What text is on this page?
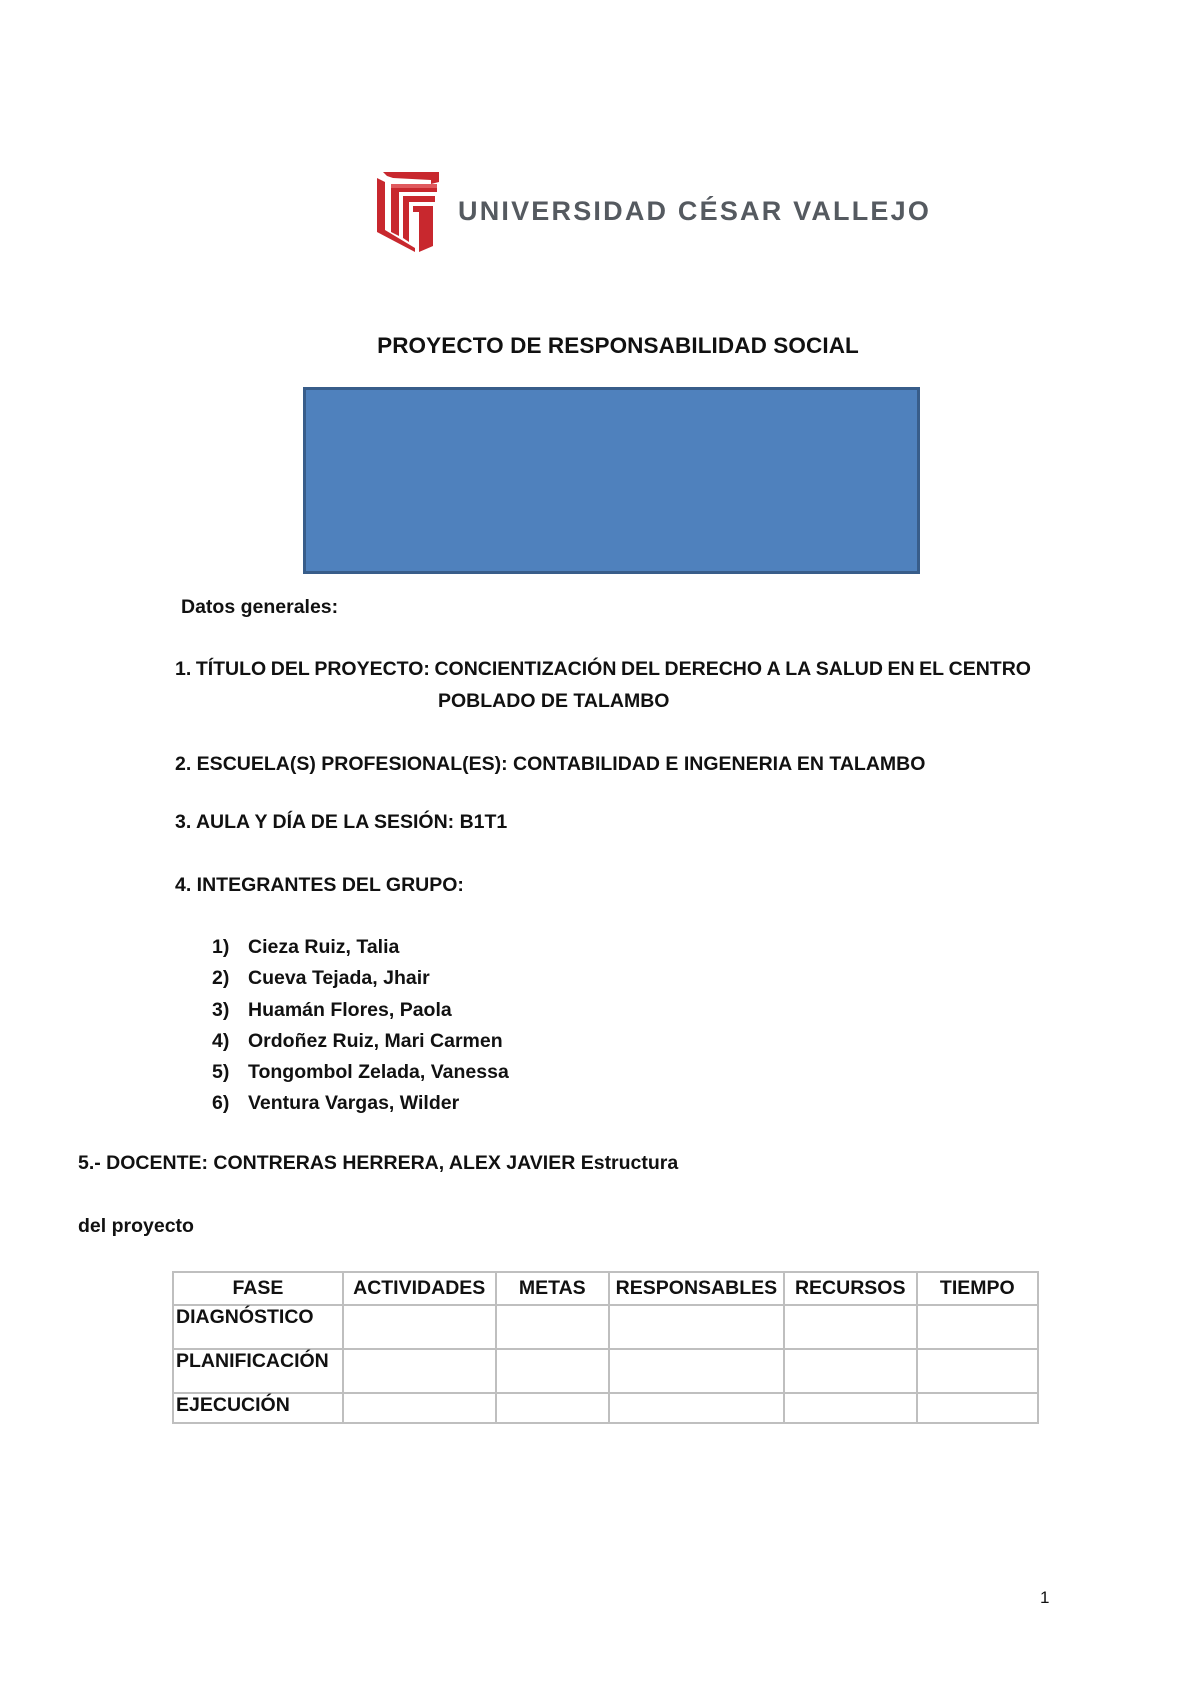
UNIVERSIDAD CÉSAR VALLEJO
PROYECTO DE RESPONSABILIDAD SOCIAL
Datos generales:
1. TÍTULO DEL PROYECTO: CONCIENTIZACIÓN DEL DERECHO A LA SALUD EN EL CENTRO
POBLADO DE TALAMBO
2. ESCUELA(S) PROFESIONAL(ES): CONTABILIDAD E INGENERIA EN TALAMBO
3. AULA Y DÍA DE LA SESIÓN: B1T1
4. INTEGRANTES DEL GRUPO:
1) Cieza Ruiz, Talia
2) Cueva Tejada, Jhair
3) Huamán Flores, Paola
4) Ordoñez Ruiz, Mari Carmen
5) Tongombol Zelada, Vanessa
6) Ventura Vargas, Wilder
5.- DOCENTE: CONTRERAS HERRERA, ALEX JAVIER Estructura
del proyecto
FASE	ACTIVIDADES	METAS	RESPONSABLES	RECURSOS	TIEMPO
DIAGNÓSTICO					
PLANIFICACIÓN					
EJECUCIÓN					
1
